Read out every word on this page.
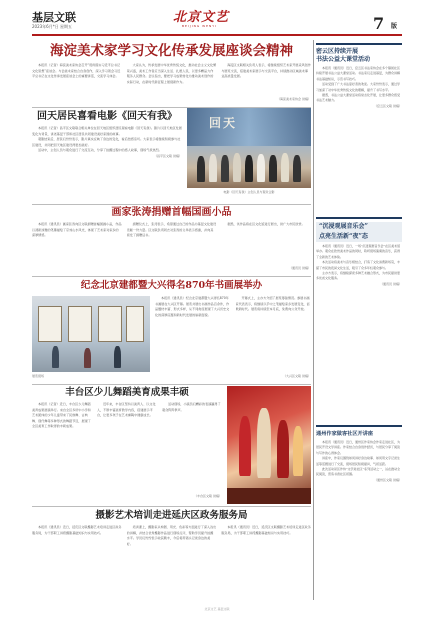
基层文联
2023年6月*日 星期五
北京文艺
BEIJING WENYI	7 版
海淀美术家学习文化传承发展座谈会精神
本报讯（记者）海淀美术家协会召开“贯彻落实习近平总书记文化思想”座谈会。与会美术家结合自身创作，深入学习领会习近平总书记在文化传承发展座谈会上的重要讲话，交流学习体会。
大家认为，传承发展中华优秀传统文化，推动社会主义文化繁荣兴盛，美术工作者应当深入生活、扎根人民，以更多精品力作服务人民群众。会议指出，要把学习成果转化为推动美术创作的实际行动，在新时代新征程上展现新作为。
海淀区文联相关负责人表示，将继续组织艺术家开展采风创作与展览交流，搭建美术家展示与交流平台，持续推动区域美术事业高质量发展。
（海淀美术家协会 供稿）
回天居民喜看电影《回天有我》
本报讯（记者）昌平区文联联合相关单位在回天地区组织居民观看电影《回天有我》。影片以回天地区发展变化为背景，讲述基层干部和社区居民共同建设美好家园的故事。
观影结束后，居民们纷纷表示，影片真实反映了身边的变化，看后倍感亲切。大家表示将继续积极参与社区建设，共同把回天地区建设得更加美好。
活动中，主创人员与观众进行了交流互动，分享了拍摄过程中的感人故事，现场气氛热烈。
（昌平区文联 供稿）
回天
电影《回天有我》主创人员与观众合影
画家张涛捐赠首幅国画小品
本报讯（通讯员）画家张涛向区文联捐赠首幅国画小品，作品以清新淡雅的笔墨描绘了京郊山水风光，体现了艺术家对家乡的深厚情感。
捐赠仪式上，张涛表示，希望通过自己的作品为基层文化建设贡献一份力量。区文联负责同志对张涛的义举表示感谢，并向其颁发了捐赠证书。
据悉，该作品将在区文化馆进行展出，供广大市民欣赏。
（通讯员 供稿）
纪念北京建都暨大兴得名870年书画展举办
展览现场
本报讯（通讯员）纪念北京建都暨大兴得名870年书画展在大兴区开幕。展览共展出书画作品百余件，作品题材丰富、形式多样，从不同角度展现了大兴历史文化的深厚底蕴和新时代发展的崭新面貌。
开幕式上，主办方介绍了展览筹备情况。参展书画家代表表示，将继续以手中之笔描绘家乡发展变化，讴歌新时代。展览将持续至本月底，免费向公众开放。
（大兴区文联 供稿）
丰台区少儿舞蹈美育成果丰硕
本报讯（记者）近日，丰台区少儿舞蹈美育成果展演举行。来自全区多所中小学和艺术团体的少年儿童带来了民族舞、古典舞、现代舞等多种形式的舞蹈节目，展现了全区美育工作取得的丰硕成果。
近年来，丰台区坚持以美育人、以文化人，不断丰富美育教学内容，搭建展示平台，让更多孩子在艺术熏陶中健康成长。
活动现场，小演员们精彩的表演赢得了观众阵阵掌声。
（丰台区文联 供稿）
摄影艺术培训走进延庆区政务服务局
本报讯（通讯员）近日，延庆区文联摄影艺术培训走进区政务服务局，为干部职工讲授摄影基础知识与实用技巧。
培训课上，摄影家从构图、用光、色彩等方面进行了深入浅出的讲解，并结合优秀摄影作品进行现场点评，帮助学员提升拍摄水平。学员们纷纷表示收获颇丰，今后将用镜头记录身边的美好。
本报讯（通讯员）近日，延庆区文联摄影艺术培训走进区政务服务局，为干部职工讲授摄影基础知识与实用技巧。
密云区持续开展
书法公益大课堂活动
本报讯（通讯员）近日，密云区书法家协会在多个镇街社区持续开展书法公益大课堂活动。书法家们走进基层，为群众讲解书法基础知识，示范书写技巧。
活动受到了广大书法爱好者的欢迎。大家纷纷表示，通过学习加深了对中华优秀传统文化的理解，提升了书写水平。
据悉，书法公益大课堂活动将常态化开展，让更多群众感受书法艺术魅力。
（密云区文联 供稿）
“沉浸观展音乐会”
点亮生活新“夜”态
本报讯（通讯员）近日，一场“沉浸观展音乐会”在区美术馆举办。观众在欣赏美术作品的同时，聆听现场演奏的音乐，获得了全新的艺术体验。
本次活动将美术与音乐相结合，打造了文化消费新场景，丰富了市民的夜间文化生活，吸引了众多年轻观众参与。
主办方表示，将继续探索多种艺术融合形式，为市民提供更多优质文化服务。
（通讯员 供稿）
通州作家做客社区开讲座
本报讯（通讯员）近日，通州区作家协会作家走进社区，为居民开设文学讲座。作家结合自身创作经历，与居民分享了阅读与写作的心得体会。
讲座中，作家们围绕如何讲好身边故事、如何用文字记录生活等话题进行了交流，现场居民积极提问，气氛活跃。
此次活动是区作协“文学进社区”系列活动之一，旨在推动全民阅读，营造书香社区氛围。
（通州区文联 供稿）
北京文艺 基层文联
